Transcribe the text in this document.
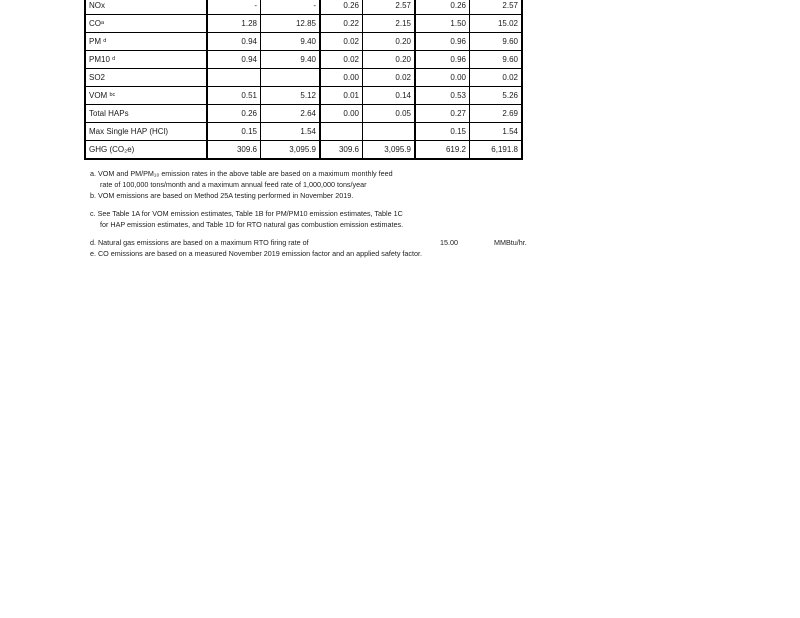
NOx	-	-	0.26	2.57	0.26	2.57
COᵃ	1.28	12.85	0.22	2.15	1.50	15.02
PM ᵈ	0.94	9.40	0.02	0.20	0.96	9.60
PM10 ᵈ	0.94	9.40	0.02	0.20	0.96	9.60
SO2			0.00	0.02	0.00	0.02
VOM ᵇᶜ	0.51	5.12	0.01	0.14	0.53	5.26
Total HAPs	0.26	2.64	0.00	0.05	0.27	2.69
Max Single HAP (HCl)	0.15	1.54			0.15	1.54
GHG (CO₂e)	309.6	3,095.9	309.6	3,095.9	619.2	6,191.8

a. VOM and PM/PM₁₀ emission rates in the above table are based on a maximum monthly feed
rate of 100,000 tons/month and a maximum annual feed rate of 1,000,000 tons/year

b. VOM emissions are based on Method 25A testing performed in November 2019.

c. See Table 1A for VOM emission estimates, Table 1B for PM/PM10 emission estimates, Table 1C
for HAP emission estimates, and Table 1D for RTO natural gas combustion emission estimates.

d. Natural gas emissions are based on a maximum RTO firing rate of	15.00	MMBtu/hr.

e. CO emissions are based on a measured November 2019 emission factor and an applied safety factor.
